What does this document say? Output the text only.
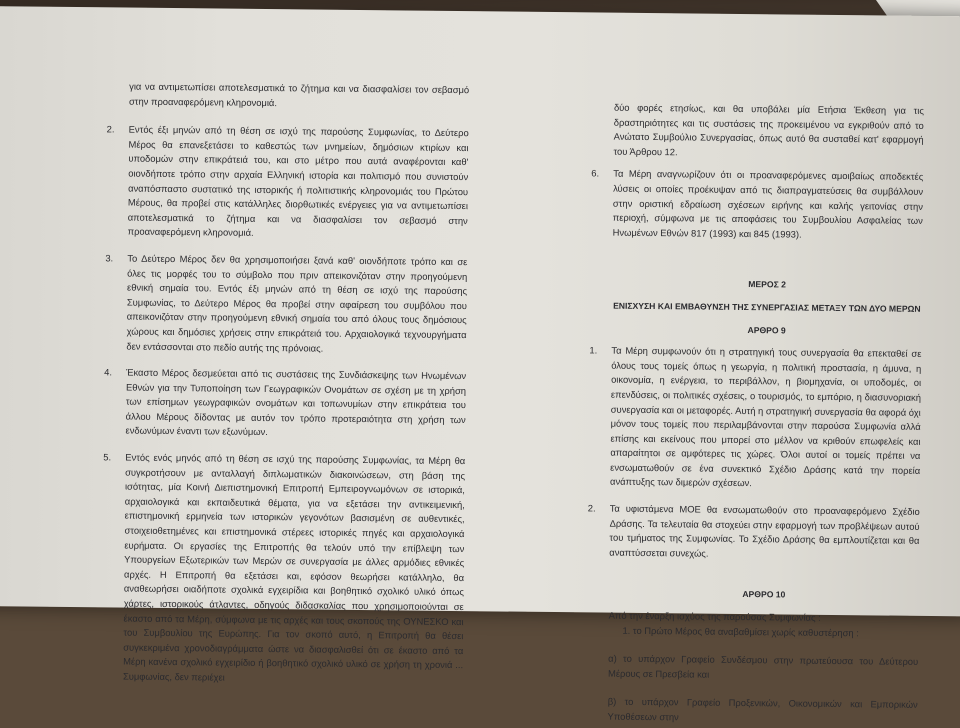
για να αντιμετωπίσει αποτελεσματικά το ζήτημα και να διασφαλίσει τον σεβασμό στην προαναφερόμενη κληρονομιά.

2. Εντός έξι μηνών από τη θέση σε ισχύ της παρούσης Συμφωνίας, το Δεύτερο Μέρος θα επανεξετάσει το καθεστώς των μνημείων, δημόσιων κτιρίων και υποδομών στην επικράτειά του, και στο μέτρο που αυτά αναφέρονται καθ' οιονδήποτε τρόπο στην αρχαία Ελληνική ιστορία και πολιτισμό που συνιστούν αναπόσπαστο συστατικό της ιστορικής ή πολιτιστικής κληρονομιάς του Πρώτου Μέρους, θα προβεί στις κατάλληλες διορθωτικές ενέργειες για να αντιμετωπίσει αποτελεσματικά το ζήτημα και να διασφαλίσει τον σεβασμό στην προαναφερόμενη κληρονομιά.
3. Το Δεύτερο Μέρος δεν θα χρησιμοποιήσει ξανά καθ' οιονδήποτε τρόπο και σε όλες τις μορφές του το σύμβολο που πριν απεικονιζόταν στην προηγούμενη εθνική σημαία του. Εντός έξι μηνών από τη θέση σε ισχύ της παρούσης Συμφωνίας, το Δεύτερο Μέρος θα προβεί στην αφαίρεση του συμβόλου που απεικονιζόταν στην προηγούμενη εθνική σημαία του από όλους τους δημόσιους χώρους και δημόσιες χρήσεις στην επικράτειά του. Αρχαιολογικά τεχνουργήματα δεν εντάσσονται στο πεδίο αυτής της πρόνοιας.
4. Έκαστο Μέρος δεσμεύεται από τις συστάσεις της Συνδιάσκεψης των Ηνωμένων Εθνών για την Τυποποίηση των Γεωγραφικών Ονομάτων σε σχέση με τη χρήση των επίσημων γεωγραφικών ονομάτων και τοπωνυμίων στην επικράτεια του άλλου Μέρους δίδοντας με αυτόν τον τρόπο προτεραιότητα στη χρήση των ενδωνύμων έναντι των εξωνύμων.
5. Εντός ενός μηνός από τη θέση σε ισχύ της παρούσης Συμφωνίας, τα Μέρη θα συγκροτήσουν με ανταλλαγή διπλωματικών διακοινώσεων, στη βάση της ισότητας, μία Κοινή Διεπιστημονική Επιτροπή Εμπειρογνωμόνων σε ιστορικά, αρχαιολογικά και εκπαιδευτικά θέματα, για να εξετάσει την αντικειμενική, επιστημονική ερμηνεία των ιστορικών γεγονότων βασισμένη σε αυθεντικές, στοιχειοθετημένες και επιστημονικά στέρεες ιστορικές πηγές και αρχαιολογικά ευρήματα. Οι εργασίες της Επιτροπής θα τελούν υπό την επίβλεψη των Υπουργείων Εξωτερικών των Μερών σε συνεργασία με άλλες αρμόδιες εθνικές αρχές. Η Επιτροπή θα εξετάσει και, εφόσον θεωρήσει κατάλληλο, θα αναθεωρήσει οιαδήποτε σχολικά εγχειρίδια και βοηθητικό σχολικό υλικό όπως χάρτες, ιστορικούς άτλαντες, οδηγούς διδασκαλίας που χρησιμοποιούνται σε έκαστο από τα Μέρη, σύμφωνα με τις αρχές και τους σκοπούς της ΟΥΝΕΣΚΟ και του Συμβουλίου της Ευρώπης. Για τον σκοπό αυτό, η Επιτροπή θα θέσει συγκεκριμένα χρονοδιαγράμματα ώστε να διασφαλισθεί ότι σε έκαστο από τα Μέρη κανένα σχολικό εγχειρίδιο ή βοηθητικό σχολικό υλικό σε χρήση τη χρονιά ... Συμφωνίας, δεν περιέχει

δύο φορές ετησίως, και θα υποβάλει μία Ετήσια Έκθεση για τις δραστηριότητες και τις συστάσεις της προκειμένου να εγκριθούν από το Ανώτατο Συμβούλιο Συνεργασίας, όπως αυτό θα συσταθεί κατ' εφαρμογή του Άρθρου 12.

6. Τα Μέρη αναγνωρίζουν ότι οι προαναφερόμενες αμοιβαίως αποδεκτές λύσεις οι οποίες προέκυψαν από τις διαπραγματεύσεις θα συμβάλλουν στην οριστική εδραίωση σχέσεων ειρήνης και καλής γειτονίας στην περιοχή, σύμφωνα με τις αποφάσεις του Συμβουλίου Ασφαλείας των Ηνωμένων Εθνών 817 (1993) και 845 (1993).

ΜΕΡΟΣ 2

ΕΝΙΣΧΥΣΗ ΚΑΙ ΕΜΒΑΘΥΝΣΗ ΤΗΣ ΣΥΝΕΡΓΑΣΙΑΣ ΜΕΤΑΞΥ ΤΩΝ ΔΥΟ ΜΕΡΩΝ

ΑΡΘΡΟ 9

1. Τα Μέρη συμφωνούν ότι η στρατηγική τους συνεργασία θα επεκταθεί σε όλους τους τομείς όπως η γεωργία, η πολιτική προστασία, η άμυνα, η οικονομία, η ενέργεια, το περιβάλλον, η βιομηχανία, οι υποδομές, οι επενδύσεις, οι πολιτικές σχέσεις, ο τουρισμός, το εμπόριο, η διασυνοριακή συνεργασία και οι μεταφορές. Αυτή η στρατηγική συνεργασία θα αφορά όχι μόνον τους τομείς που περιλαμβάνονται στην παρούσα Συμφωνία αλλά επίσης και εκείνους που μπορεί στο μέλλον να κριθούν επωφελείς και απαραίτητοι σε αμφότερες τις χώρες. Όλοι αυτοί οι τομείς πρέπει να ενσωματωθούν σε ένα συνεκτικό Σχέδιο Δράσης κατά την πορεία ανάπτυξης των διμερών σχέσεων.
2. Τα υφιστάμενα ΜΟΕ θα ενσωματωθούν στο προαναφερόμενο Σχέδιο Δράσης. Τα τελευταία θα στοχεύει στην εφαρμογή των προβλέψεων αυτού του τμήματος της Συμφωνίας. Το Σχέδιο Δράσης θα εμπλουτίζεται και θα αναπτύσσεται συνεχώς.

ΑΡΘΡΟ 10

Από την έναρξη ισχύος της παρούσας Συμφωνίας :

1. το Πρώτο Μέρος θα αναβαθμίσει χωρίς καθυστέρηση :

α) το υπάρχον Γραφείο Συνδέσμου στην πρωτεύουσα του Δεύτερου Μέρους σε Πρεσβεία και

β) το υπάρχον Γραφείο Προξενικών, Οικονομικών και Εμπορικών Υποθέσεων στην
